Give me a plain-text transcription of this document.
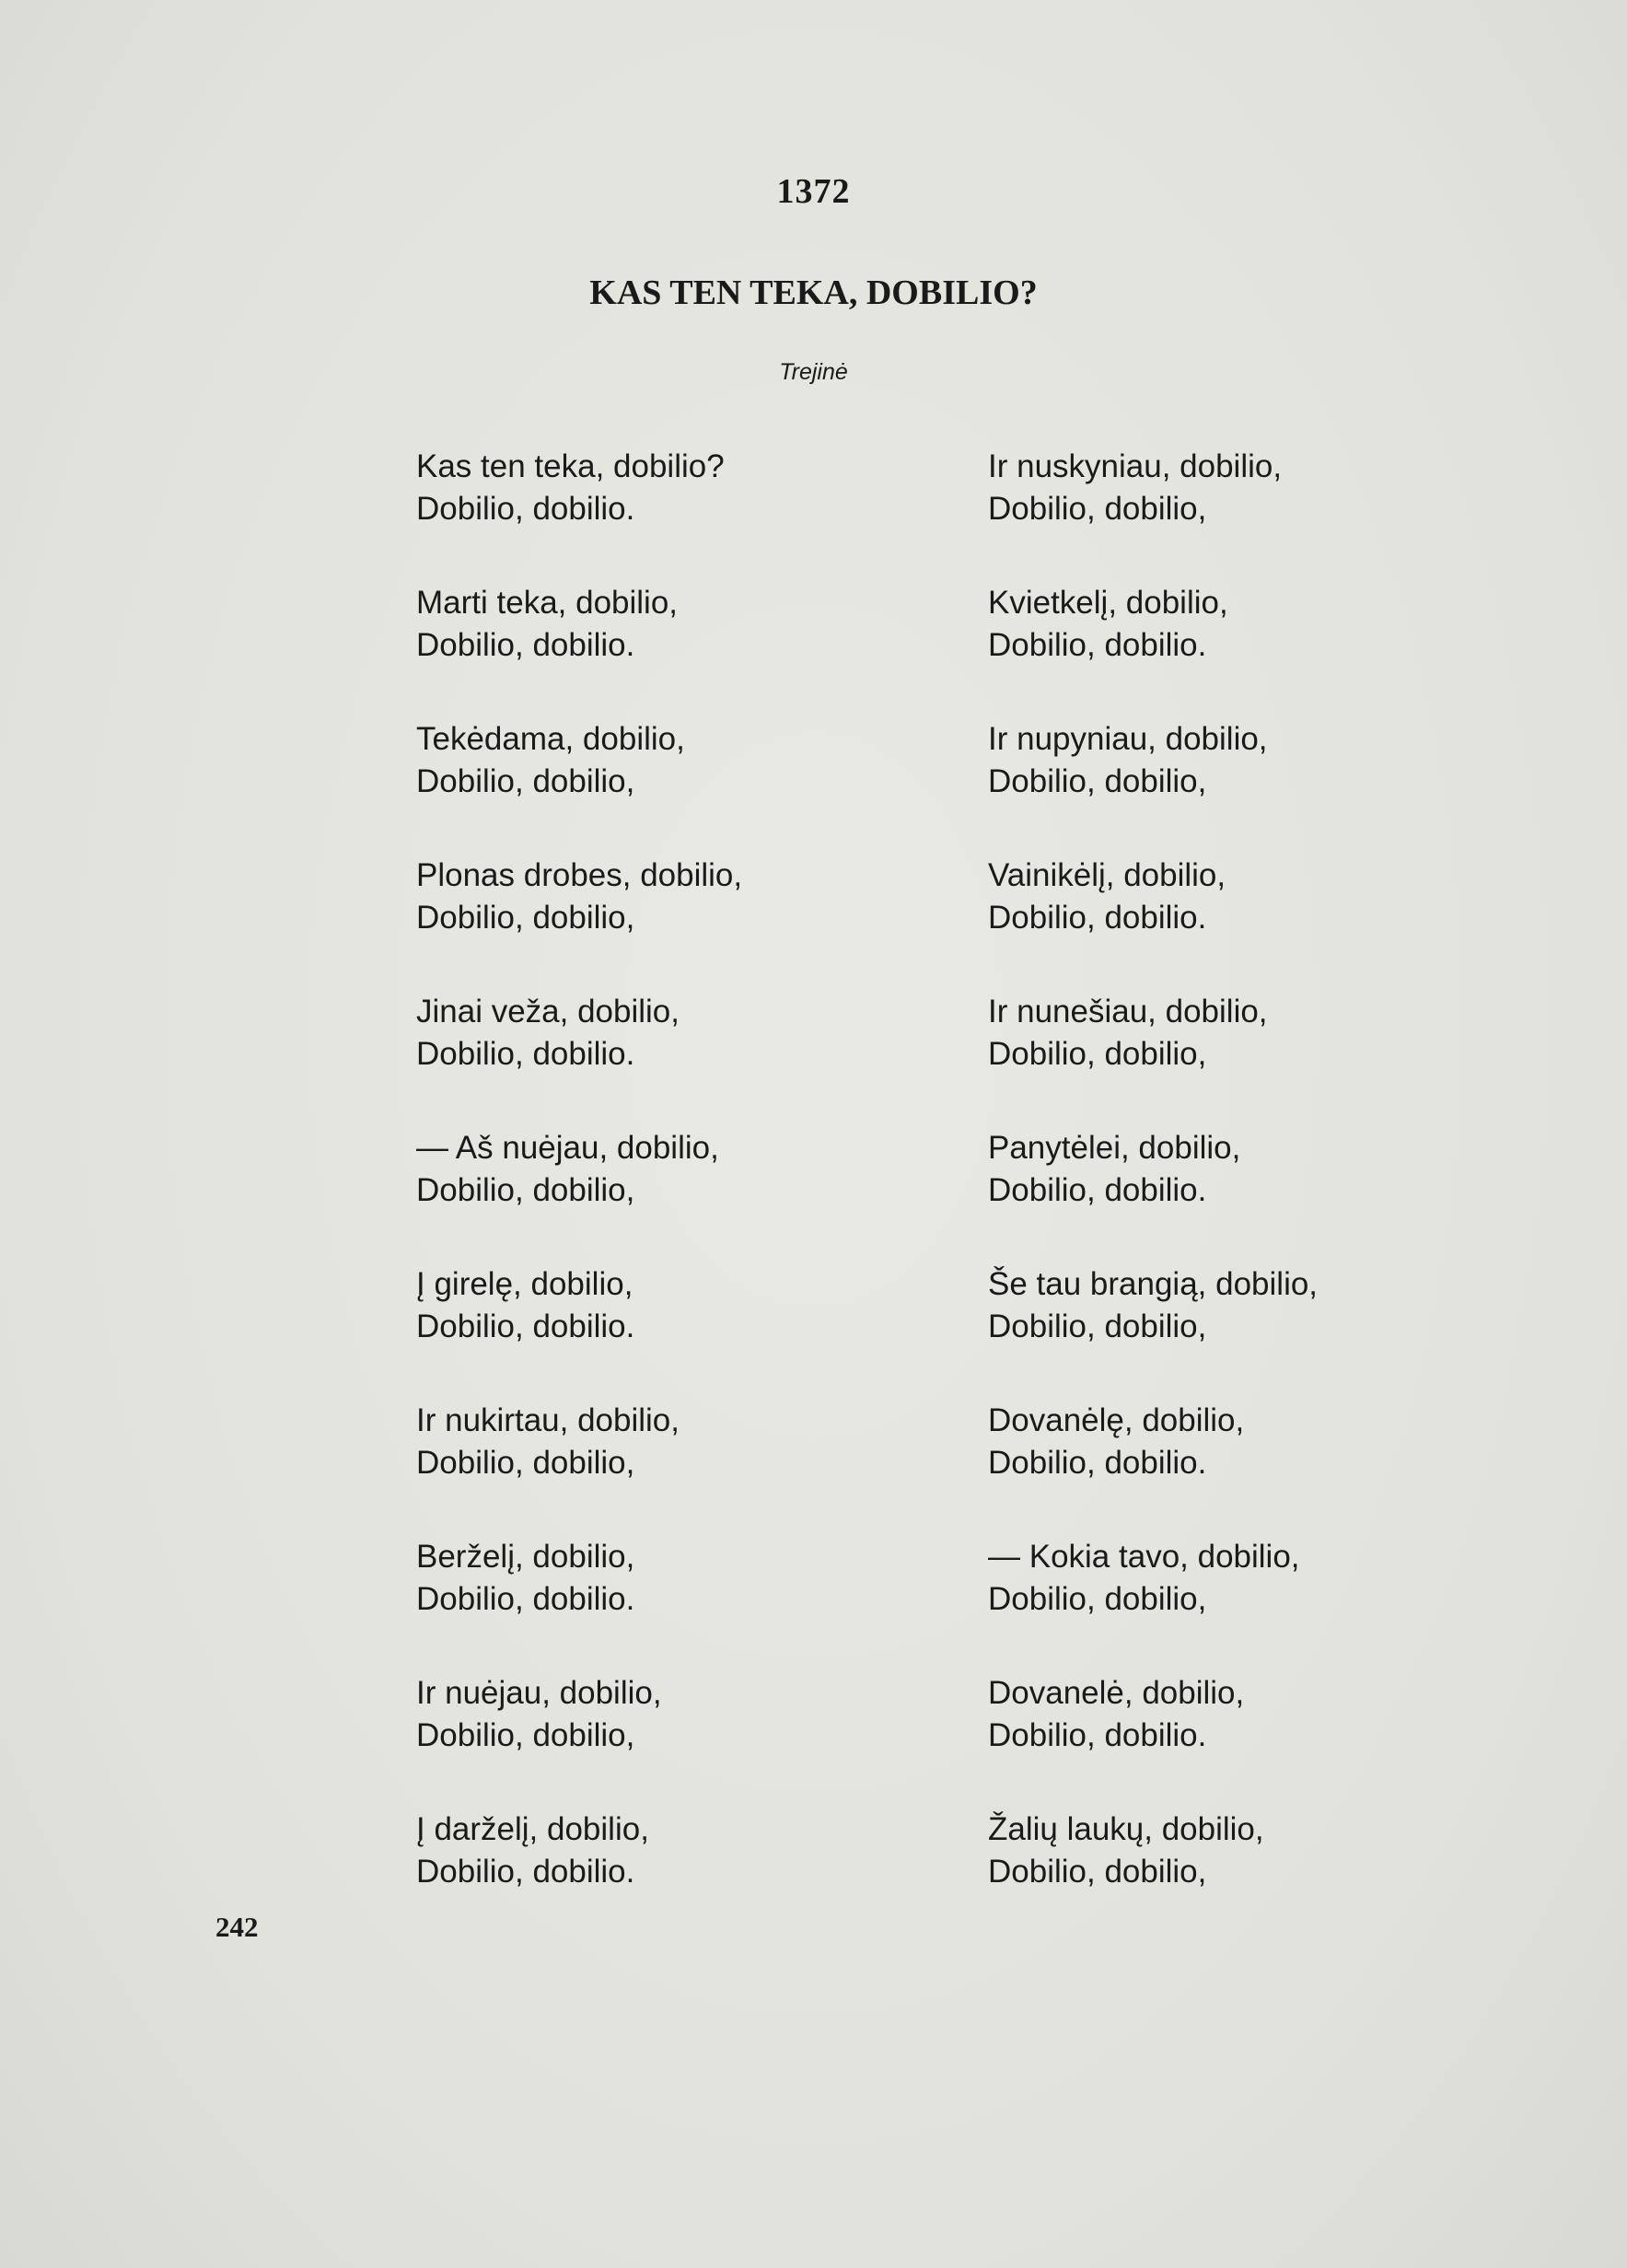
1372
KAS TEN TEKA, DOBILIO?
Trejinė
Kas ten teka, dobilio?
Dobilio, dobilio.
Marti teka, dobilio,
Dobilio, dobilio.
Tekėdama, dobilio,
Dobilio, dobilio,
Plonas drobes, dobilio,
Dobilio, dobilio,
Jinai veža, dobilio,
Dobilio, dobilio.
— Aš nuėjau, dobilio,
Dobilio, dobilio,
Į girelę, dobilio,
Dobilio, dobilio.
Ir nukirtau, dobilio,
Dobilio, dobilio,
Berželį, dobilio,
Dobilio, dobilio.
Ir nuėjau, dobilio,
Dobilio, dobilio,
Į darželį, dobilio,
Dobilio, dobilio.
Ir nuskyniau, dobilio,
Dobilio, dobilio,
Kvietkelį, dobilio,
Dobilio, dobilio.
Ir nupyniau, dobilio,
Dobilio, dobilio,
Vainikėlį, dobilio,
Dobilio, dobilio.
Ir nunešiau, dobilio,
Dobilio, dobilio,
Panytėlei, dobilio,
Dobilio, dobilio.
Še tau brangią, dobilio,
Dobilio, dobilio,
Dovanėlę, dobilio,
Dobilio, dobilio.
— Kokia tavo, dobilio,
Dobilio, dobilio,
Dovanelė, dobilio,
Dobilio, dobilio.
Žalių laukų, dobilio,
Dobilio, dobilio,
242
